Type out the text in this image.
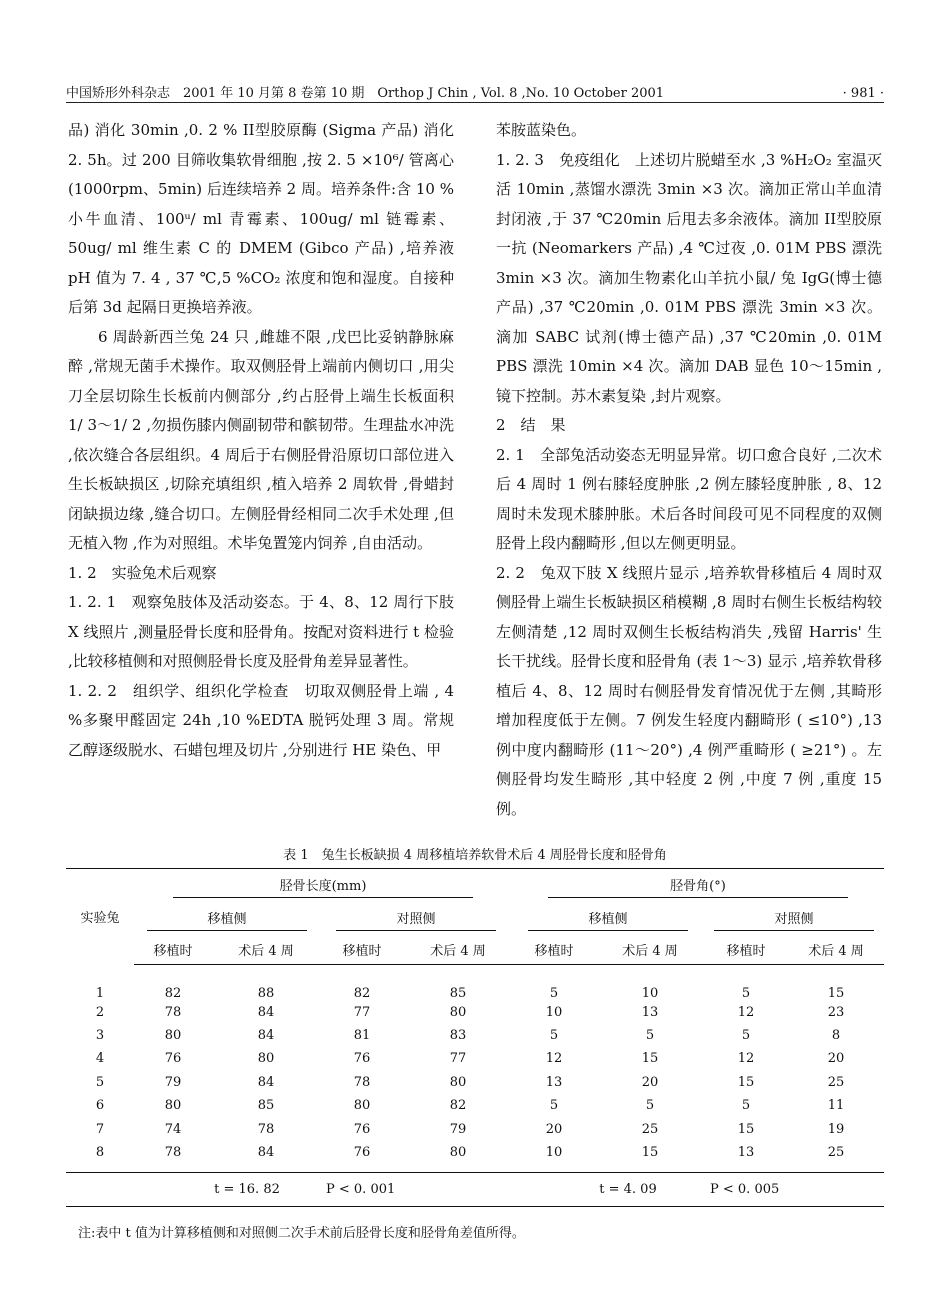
中国矫形外科杂志　2001 年 10 月第 8 卷第 10 期　Orthop J Chin , Vol. 8 ,No. 10 October 2001	· 981 ·

品) 消化 30min ,0. 2 % II型胶原酶 (Sigma 产品) 消化 2. 5h。过 200 目筛收集软骨细胞 ,按 2. 5 ×10⁶/ 管离心 (1000rpm、5min) 后连续培养 2 周。培养条件:含 10 % 小牛血清、100ᵘ/ ml 青霉素、100ug/ ml 链霉素、50ug/ ml 维生素 C 的 DMEM (Gibco 产品) ,培养液 pH 值为 7. 4 , 37 ℃,5 %CO₂ 浓度和饱和湿度。自接种后第 3d 起隔日更换培养液。

6 周龄新西兰兔 24 只 ,雌雄不限 ,戊巴比妥钠静脉麻醉 ,常规无菌手术操作。取双侧胫骨上端前内侧切口 ,用尖刀全层切除生长板前内侧部分 ,约占胫骨上端生长板面积 1/ 3～1/ 2 ,勿损伤膝内侧副韧带和髌韧带。生理盐水冲洗 ,依次缝合各层组织。4 周后于右侧胫骨沿原切口部位进入生长板缺损区 ,切除充填组织 ,植入培养 2 周软骨 ,骨蜡封闭缺损边缘 ,缝合切口。左侧胫骨经相同二次手术处理 ,但无植入物 ,作为对照组。术毕兔置笼内饲养 ,自由活动。

1. 2　实验兔术后观察

1. 2. 1　观察兔肢体及活动姿态。于 4、8、12 周行下肢 X 线照片 ,测量胫骨长度和胫骨角。按配对资料进行 t 检验 ,比较移植侧和对照侧胫骨长度及胫骨角差异显著性。

1. 2. 2　组织学、组织化学检查　切取双侧胫骨上端 , 4 %多聚甲醛固定 24h ,10 %EDTA 脱钙处理 3 周。常规乙醇逐级脱水、石蜡包埋及切片 ,分别进行 HE 染色、甲

苯胺蓝染色。

1. 2. 3　免疫组化　上述切片脱蜡至水 ,3 %H₂O₂ 室温灭活 10min ,蒸馏水漂洗 3min ×3 次。滴加正常山羊血清封闭液 ,于 37 ℃20min 后甩去多余液体。滴加 II型胶原一抗 (Neomarkers 产品) ,4 ℃过夜 ,0. 01M PBS 漂洗 3min ×3 次。滴加生物素化山羊抗小鼠/ 兔 IgG(博士德产品) ,37 ℃20min ,0. 01M PBS 漂洗 3min ×3 次。滴加 SABC 试剂(博士德产品) ,37 ℃20min ,0. 01M PBS 漂洗 10min ×4 次。滴加 DAB 显色 10～15min ,镜下控制。苏木素复染 ,封片观察。

2　结　果

2. 1　全部兔活动姿态无明显异常。切口愈合良好 ,二次术后 4 周时 1 例右膝轻度肿胀 ,2 例左膝轻度肿胀 , 8、12 周时未发现术膝肿胀。术后各时间段可见不同程度的双侧胫骨上段内翻畸形 ,但以左侧更明显。

2. 2　兔双下肢 X 线照片显示 ,培养软骨移植后 4 周时双侧胫骨上端生长板缺损区稍模糊 ,8 周时右侧生长板结构较左侧清楚 ,12 周时双侧生长板结构消失 ,残留 Harris' 生长干扰线。胫骨长度和胫骨角 (表 1～3) 显示 ,培养软骨移植后 4、8、12 周时右侧胫骨发育情况优于左侧 ,其畸形增加程度低于左侧。7 例发生轻度内翻畸形 ( ≤10°) ,13 例中度内翻畸形 (11～20°) ,4 例严重畸形 ( ≥21°) 。左侧胫骨均发生畸形 ,其中轻度 2 例 ,中度 7 例 ,重度 15 例。

表 1　兔生长板缺损 4 周移植培养软骨术后 4 周胫骨长度和胫骨角
实验兔	胫骨长度(mm)				胫骨角(°)			
	移植侧		对照侧		移植侧		对照侧	
	移植时	术后 4 周	移植时	术后 4 周	移植时	术后 4 周	移植时	术后 4 周
1	82	88	82	85	5	10	5	15
2	78	84	77	80	10	13	12	23
3	80	84	81	83	5	5	5	8
4	76	80	76	77	12	15	12	20
5	79	84	78	80	13	20	15	25
6	80	85	80	82	5	5	5	11
7	74	78	76	79	20	25	15	19
8	78	84	76	80	10	15	13	25

	t = 16. 82		P < 0. 001		t = 4. 09		P < 0. 005	
注:表中 t 值为计算移植侧和对照侧二次手术前后胫骨长度和胫骨角差值所得。
